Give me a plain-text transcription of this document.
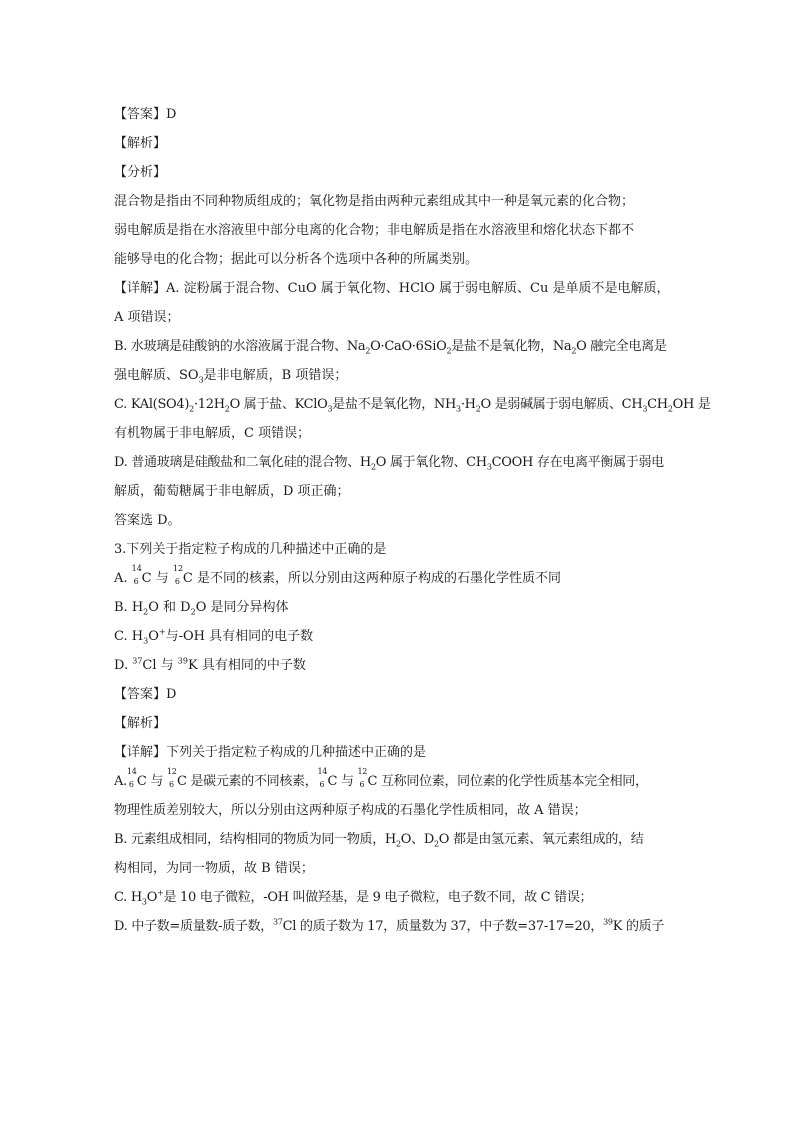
【答案】D
【解析】
【分析】
混合物是指由不同种物质组成的；氧化物是指由两种元素组成其中一种是氧元素的化合物；
弱电解质是指在水溶液里中部分电离的化合物；非电解质是指在水溶液里和熔化状态下都不
能够导电的化合物；据此可以分析各个选项中各种的所属类别。
【详解】A. 淀粉属于混合物、CuO 属于氧化物、HClO 属于弱电解质、Cu 是单质不是电解质，
A 项错误；
B. 水玻璃是硅酸钠的水溶液属于混合物、$Na_2O\cdot CaO\cdot 6SiO_2$是盐不是氧化物，$Na_2O$ 融完全电离是
强电解质、$SO_3$是非电解质，B 项错误；
C. $KAl(SO4)_2\cdot 12H_2O$ 属于盐、KClO$_3$是盐不是氧化物，$NH_3\cdot H_2O$ 是弱碱属于弱电解质、$CH_3CH_2OH$ 是
有机物属于非电解质，C 项错误；
D. 普通玻璃是硅酸盐和二氧化硅的混合物、$H_2O$ 属于氧化物、$CH_3COOH$ 存在电离平衡属于弱电
解质，葡萄糖属于非电解质，D 项正确；
答案选 D。
3.下列关于指定粒子构成的几种描述中正确的是
A.
14
6 C 与
12
6 C 是不同的核素，所以分别由这两种原子构成的石墨化学性质不同
B. $H_2O$ 和 $D_2O$ 是同分异构体
C. $H_3O^+$与-OH 具有相同的电子数
D. $^{37}$Cl 与 $^{39}$K 具有相同的中子数
【答案】D
【解析】
【详解】下列关于指定粒子构成的几种描述中正确的是
A.
14
6 C 与
12
6 C 是碳元素的不同核素，
14
6 C 与
12
6 C 互称同位素，同位素的化学性质基本完全相同，
物理性质差别较大，所以分别由这两种原子构成的石墨化学性质相同，故 A 错误；
B. 元素组成相同，结构相同的物质为同一物质，$H_2O$、$D_2O$ 都是由氢元素、氧元素组成的，结
构相同，为同一物质，故 B 错误；
C. $H_3O^+$是 10 电子微粒，-OH 叫做羟基，是 9 电子微粒，电子数不同，故 C 错误；
D. 中子数=质量数-质子数，$^{37}$Cl 的质子数为 17，质量数为 37，中子数=37-17=20，$^{39}$K 的质子
